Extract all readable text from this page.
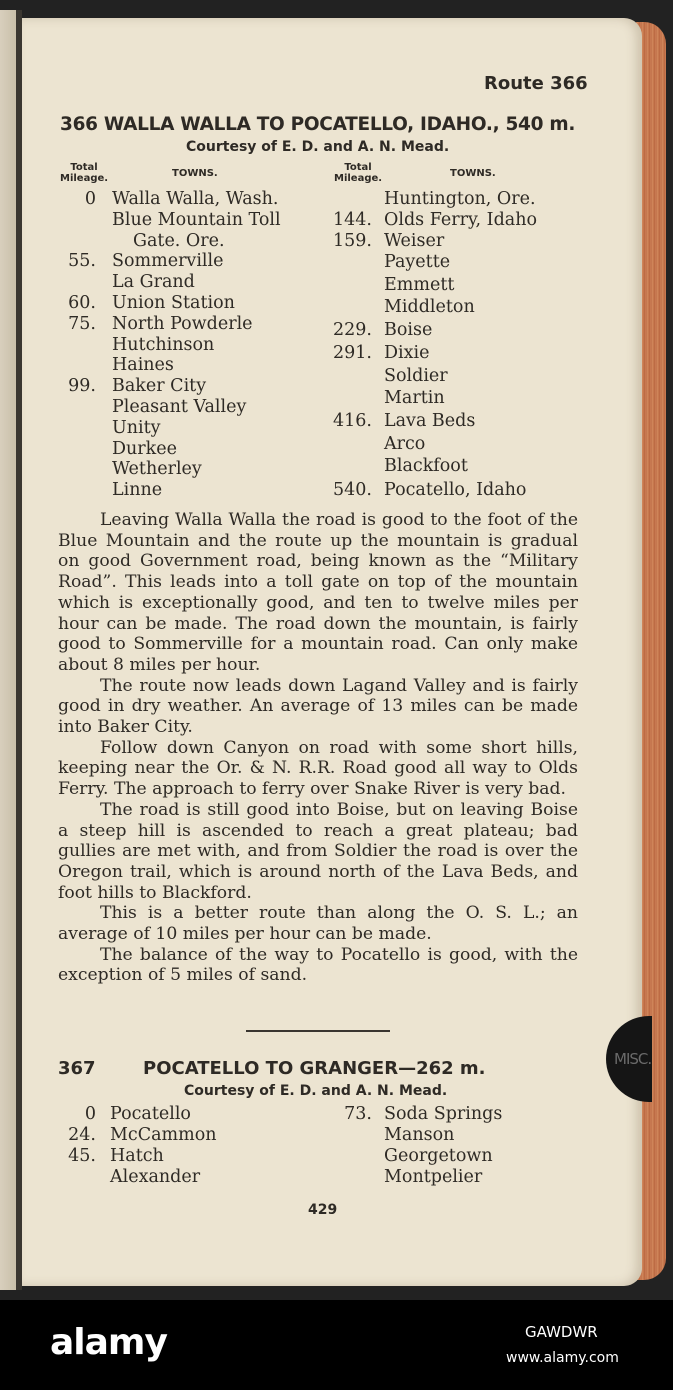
MISC.
Route 366
366 WALLA WALLA TO POCATELLO, IDAHO., 540 m.
Courtesy of E. D. and A. N. Mead.
Total Mileage.	TOWNS.
Total Mileage.	TOWNS.
0 Walla Walla, Wash.
Blue Mountain Toll
Gate. Ore.
55. Sommerville
La Grand
60. Union Station
75. North Powderle
Hutchinson
Haines
99. Baker City
Pleasant Valley
Unity
Durkee
Wetherley
Linne
Huntington, Ore.
144. Olds Ferry, Idaho
159. Weiser
Payette
Emmett
Middleton
229. Boise
291. Dixie
Soldier
Martin
416. Lava Beds
Arco
Blackfoot
540. Pocatello, Idaho

Leaving Walla Walla the road is good to the foot of the Blue Mountain and the route up the mountain is gradual on good Government road, being known as the “Military Road”. This leads into a toll gate on top of the mountain which is exceptionally good, and ten to twelve miles per hour can be made. The road down the mountain, is fairly good to Sommerville for a mountain road. Can only make about 8 miles per hour.

The route now leads down Lagand Valley and is fairly good in dry weather. An average of 13 miles can be made into Baker City.

Follow down Canyon on road with some short hills, keeping near the Or. & N. R.R. Road good all way to Olds Ferry. The approach to ferry over Snake River is very bad.

The road is still good into Boise, but on leaving Boise a steep hill is ascended to reach a great plateau; bad gullies are met with, and from Soldier the road is over the Oregon trail, which is around north of the Lava Beds, and foot hills to Blackford.

This is a better route than along the O. S. L.; an average of 10 miles per hour can be made.

The balance of the way to Pocatello is good, with the exception of 5 miles of sand.

367	POCATELLO TO GRANGER—262 m.
Courtesy of E. D. and A. N. Mead.
0 Pocatello
24. McCammon
45. Hatch
Alexander
73. Soda Springs
Manson
Georgetown
Montpelier
429
alamy	GAWDWR
www.alamy.com
